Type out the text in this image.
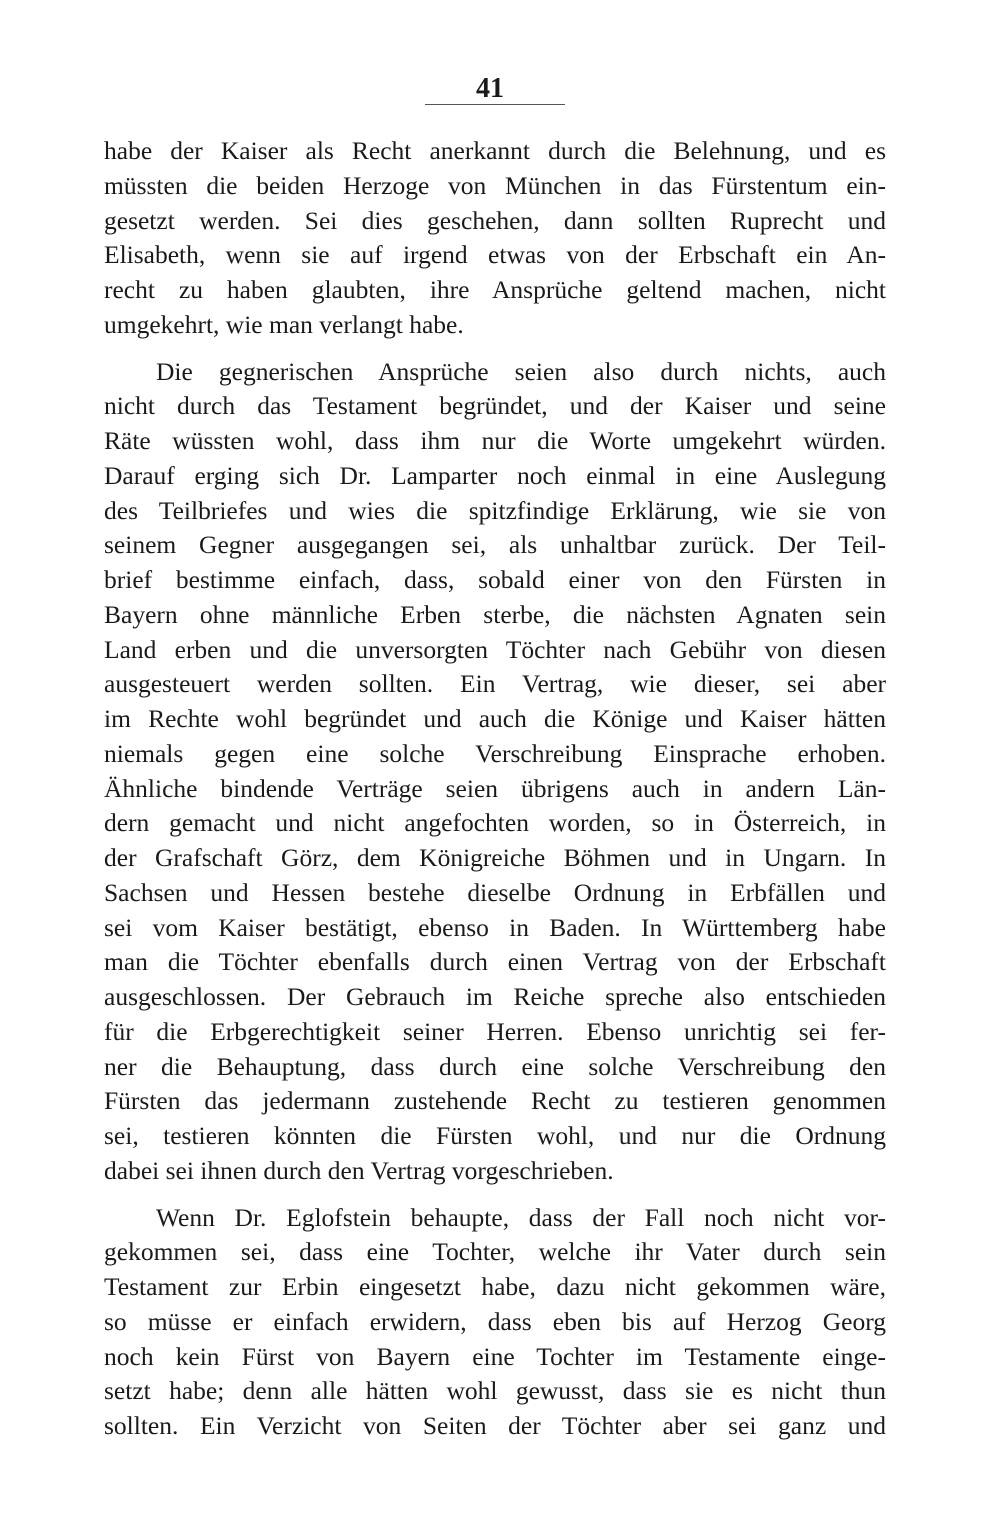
41
habe der Kaiser als Recht anerkannt durch die Belehnung, und es
müssten die beiden Herzoge von München in das Fürstentum ein-
gesetzt werden. Sei dies geschehen, dann sollten Ruprecht und
Elisabeth, wenn sie auf irgend etwas von der Erbschaft ein An-
recht zu haben glaubten, ihre Ansprüche geltend machen, nicht
umgekehrt, wie man verlangt habe.
Die gegnerischen Ansprüche seien also durch nichts, auch
nicht durch das Testament begründet, und der Kaiser und seine
Räte wüssten wohl, dass ihm nur die Worte umgekehrt würden.
Darauf erging sich Dr. Lamparter noch einmal in eine Auslegung
des Teilbriefes und wies die spitzfindige Erklärung, wie sie von
seinem Gegner ausgegangen sei, als unhaltbar zurück. Der Teil-
brief bestimme einfach, dass, sobald einer von den Fürsten in
Bayern ohne männliche Erben sterbe, die nächsten Agnaten sein
Land erben und die unversorgten Töchter nach Gebühr von diesen
ausgesteuert werden sollten. Ein Vertrag, wie dieser, sei aber
im Rechte wohl begründet und auch die Könige und Kaiser hätten
niemals gegen eine solche Verschreibung Einsprache erhoben.
Ähnliche bindende Verträge seien übrigens auch in andern Län-
dern gemacht und nicht angefochten worden, so in Österreich, in
der Grafschaft Görz, dem Königreiche Böhmen und in Ungarn. In
Sachsen und Hessen bestehe dieselbe Ordnung in Erbfällen und
sei vom Kaiser bestätigt, ebenso in Baden. In Württemberg habe
man die Töchter ebenfalls durch einen Vertrag von der Erbschaft
ausgeschlossen. Der Gebrauch im Reiche spreche also entschieden
für die Erbgerechtigkeit seiner Herren. Ebenso unrichtig sei fer-
ner die Behauptung, dass durch eine solche Verschreibung den
Fürsten das jedermann zustehende Recht zu testieren genommen
sei, testieren könnten die Fürsten wohl, und nur die Ordnung
dabei sei ihnen durch den Vertrag vorgeschrieben.
Wenn Dr. Eglofstein behaupte, dass der Fall noch nicht vor-
gekommen sei, dass eine Tochter, welche ihr Vater durch sein
Testament zur Erbin eingesetzt habe, dazu nicht gekommen wäre,
so müsse er einfach erwidern, dass eben bis auf Herzog Georg
noch kein Fürst von Bayern eine Tochter im Testamente einge-
setzt habe; denn alle hätten wohl gewusst, dass sie es nicht thun
sollten. Ein Verzicht von Seiten der Töchter aber sei ganz und
